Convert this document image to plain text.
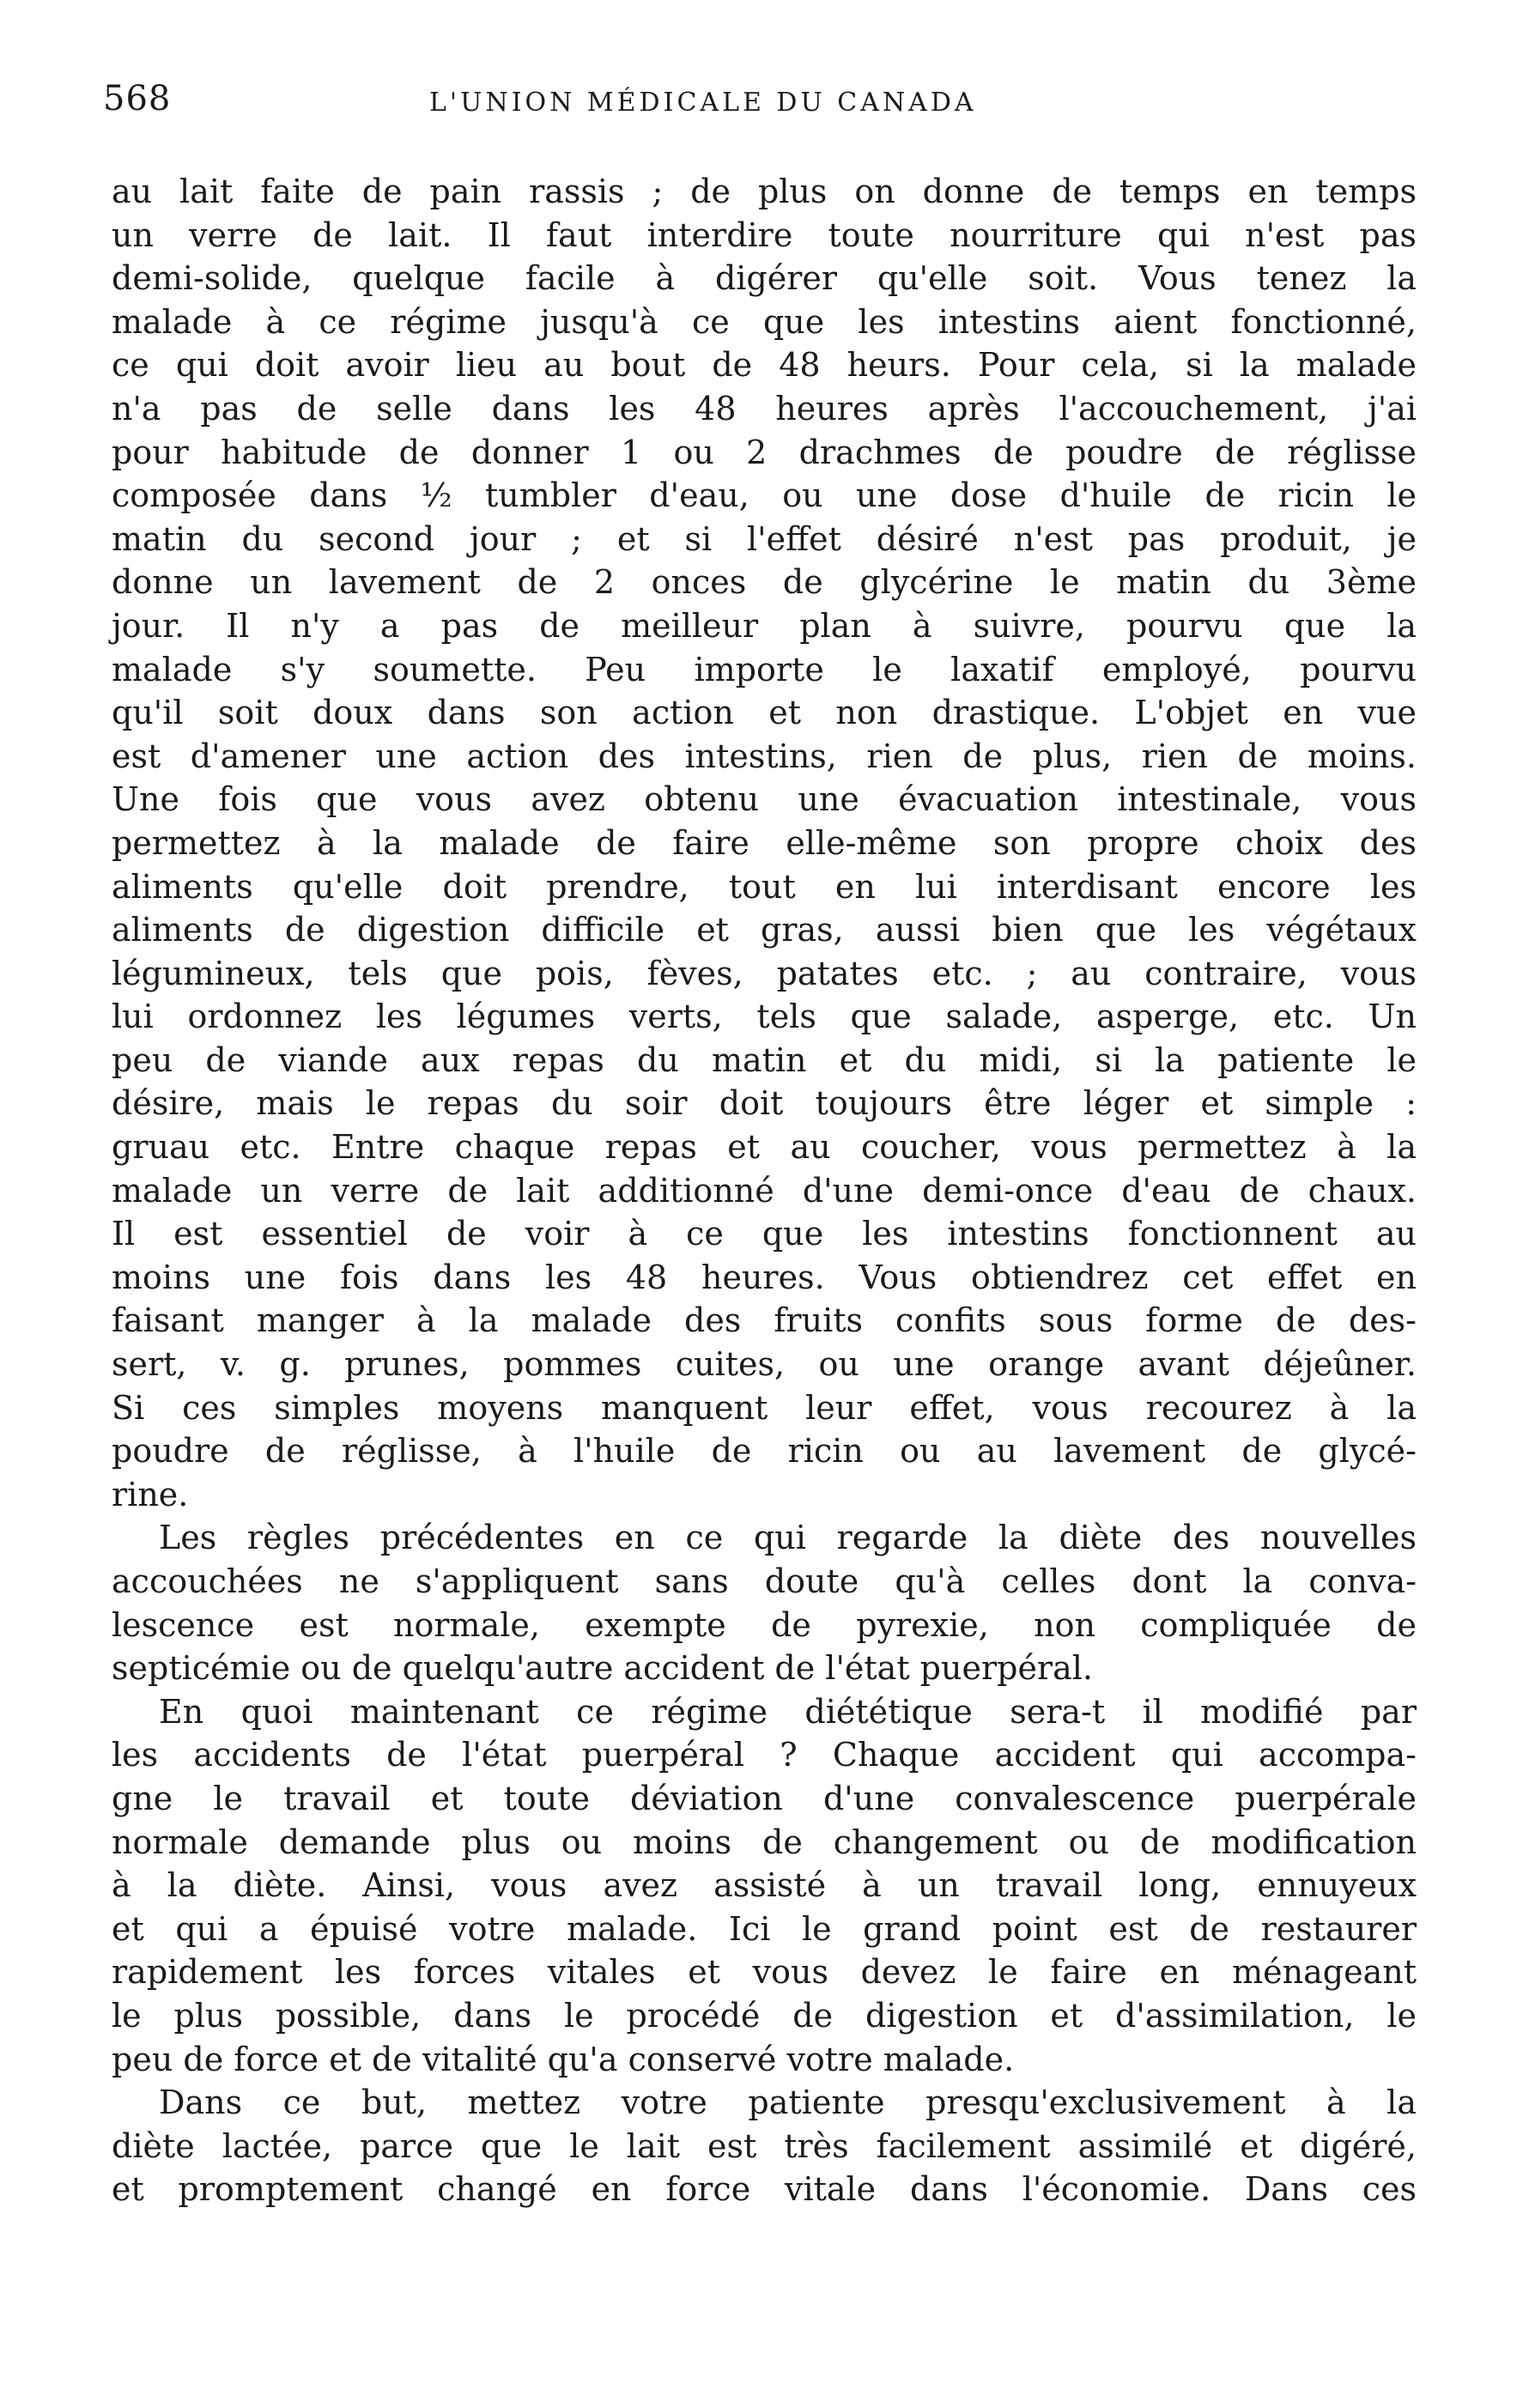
568	L'UNION MÉDICALE DU CANADA
au lait faite de pain rassis ; de plus on donne de temps en temps
un verre de lait. Il faut interdire toute nourriture qui n'est pas
demi-solide, quelque facile à digérer qu'elle soit. Vous tenez la
malade à ce régime jusqu'à ce que les intestins aient fonctionné,
ce qui doit avoir lieu au bout de 48 heurs. Pour cela, si la malade
n'a pas de selle dans les 48 heures après l'accouchement, j'ai
pour habitude de donner 1 ou 2 drachmes de poudre de réglisse
composée dans ½ tumbler d'eau, ou une dose d'huile de ricin le
matin du second jour ; et si l'effet désiré n'est pas produit, je
donne un lavement de 2 onces de glycérine le matin du 3ème
jour. Il n'y a pas de meilleur plan à suivre, pourvu que la
malade s'y soumette. Peu importe le laxatif employé, pourvu
qu'il soit doux dans son action et non drastique. L'objet en vue
est d'amener une action des intestins, rien de plus, rien de moins.
Une fois que vous avez obtenu une évacuation intestinale, vous
permettez à la malade de faire elle-même son propre choix des
aliments qu'elle doit prendre, tout en lui interdisant encore les
aliments de digestion difficile et gras, aussi bien que les végétaux
légumineux, tels que pois, fèves, patates etc. ; au contraire, vous
lui ordonnez les légumes verts, tels que salade, asperge, etc. Un
peu de viande aux repas du matin et du midi, si la patiente le
désire, mais le repas du soir doit toujours être léger et simple :
gruau etc. Entre chaque repas et au coucher, vous permettez à la
malade un verre de lait additionné d'une demi-once d'eau de chaux.
Il est essentiel de voir à ce que les intestins fonctionnent au
moins une fois dans les 48 heures. Vous obtiendrez cet effet en
faisant manger à la malade des fruits confits sous forme de des-
sert, v. g. prunes, pommes cuites, ou une orange avant déjeûner.
Si ces simples moyens manquent leur effet, vous recourez à la
poudre de réglisse, à l'huile de ricin ou au lavement de glycé-
rine.
Les règles précédentes en ce qui regarde la diète des nouvelles
accouchées ne s'appliquent sans doute qu'à celles dont la conva-
lescence est normale, exempte de pyrexie, non compliquée de
septicémie ou de quelqu'autre accident de l'état puerpéral.
En quoi maintenant ce régime diététique sera-t il modifié par
les accidents de l'état puerpéral ? Chaque accident qui accompa-
gne le travail et toute déviation d'une convalescence puerpérale
normale demande plus ou moins de changement ou de modification
à la diète. Ainsi, vous avez assisté à un travail long, ennuyeux
et qui a épuisé votre malade. Ici le grand point est de restaurer
rapidement les forces vitales et vous devez le faire en ménageant
le plus possible, dans le procédé de digestion et d'assimilation, le
peu de force et de vitalité qu'a conservé votre malade.
Dans ce but, mettez votre patiente presqu'exclusivement à la
diète lactée, parce que le lait est très facilement assimilé et digéré,
et promptement changé en force vitale dans l'économie. Dans ces
